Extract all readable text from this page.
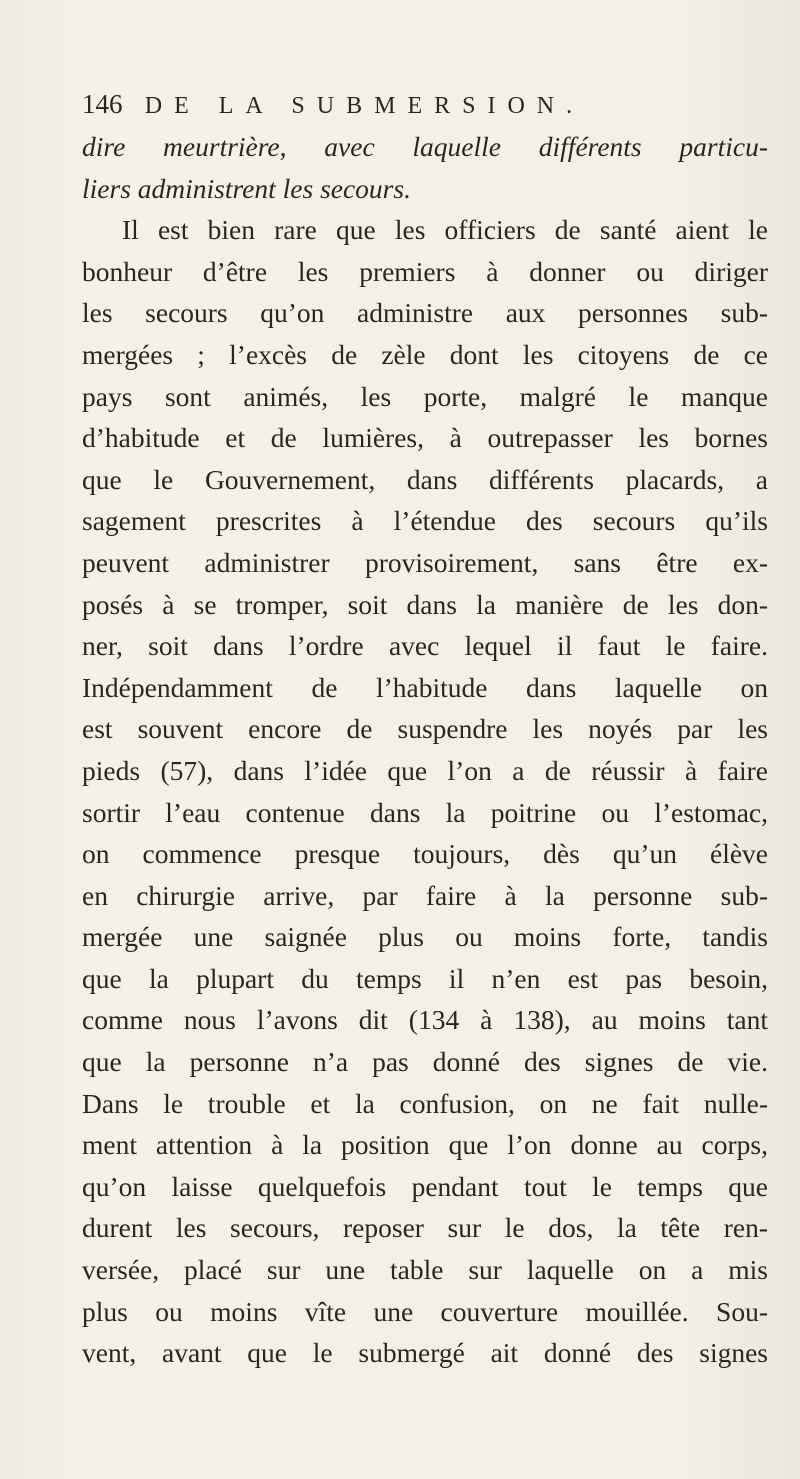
146 DE LA SUBMERSION.
dire meurtrière, avec laquelle différents particu-
liers administrent les secours.
Il est bien rare que les officiers de santé aient le
bonheur d’être les premiers à donner ou diriger
les secours qu’on administre aux personnes sub-
mergées ; l’excès de zèle dont les citoyens de ce
pays sont animés, les porte, malgré le manque
d’habitude et de lumières, à outrepasser les bornes
que le Gouvernement, dans différents placards, a
sagement prescrites à l’étendue des secours qu’ils
peuvent administrer provisoirement, sans être ex-
posés à se tromper, soit dans la manière de les don-
ner, soit dans l’ordre avec lequel il faut le faire.
Indépendamment de l’habitude dans laquelle on
est souvent encore de suspendre les noyés par les
pieds (57), dans l’idée que l’on a de réussir à faire
sortir l’eau contenue dans la poitrine ou l’estomac,
on commence presque toujours, dès qu’un élève
en chirurgie arrive, par faire à la personne sub-
mergée une saignée plus ou moins forte, tandis
que la plupart du temps il n’en est pas besoin,
comme nous l’avons dit (134 à 138), au moins tant
que la personne n’a pas donné des signes de vie.
Dans le trouble et la confusion, on ne fait nulle-
ment attention à la position que l’on donne au corps,
qu’on laisse quelquefois pendant tout le temps que
durent les secours, reposer sur le dos, la tête ren-
versée, placé sur une table sur laquelle on a mis
plus ou moins vîte une couverture mouillée. Sou-
vent, avant que le submergé ait donné des signes
